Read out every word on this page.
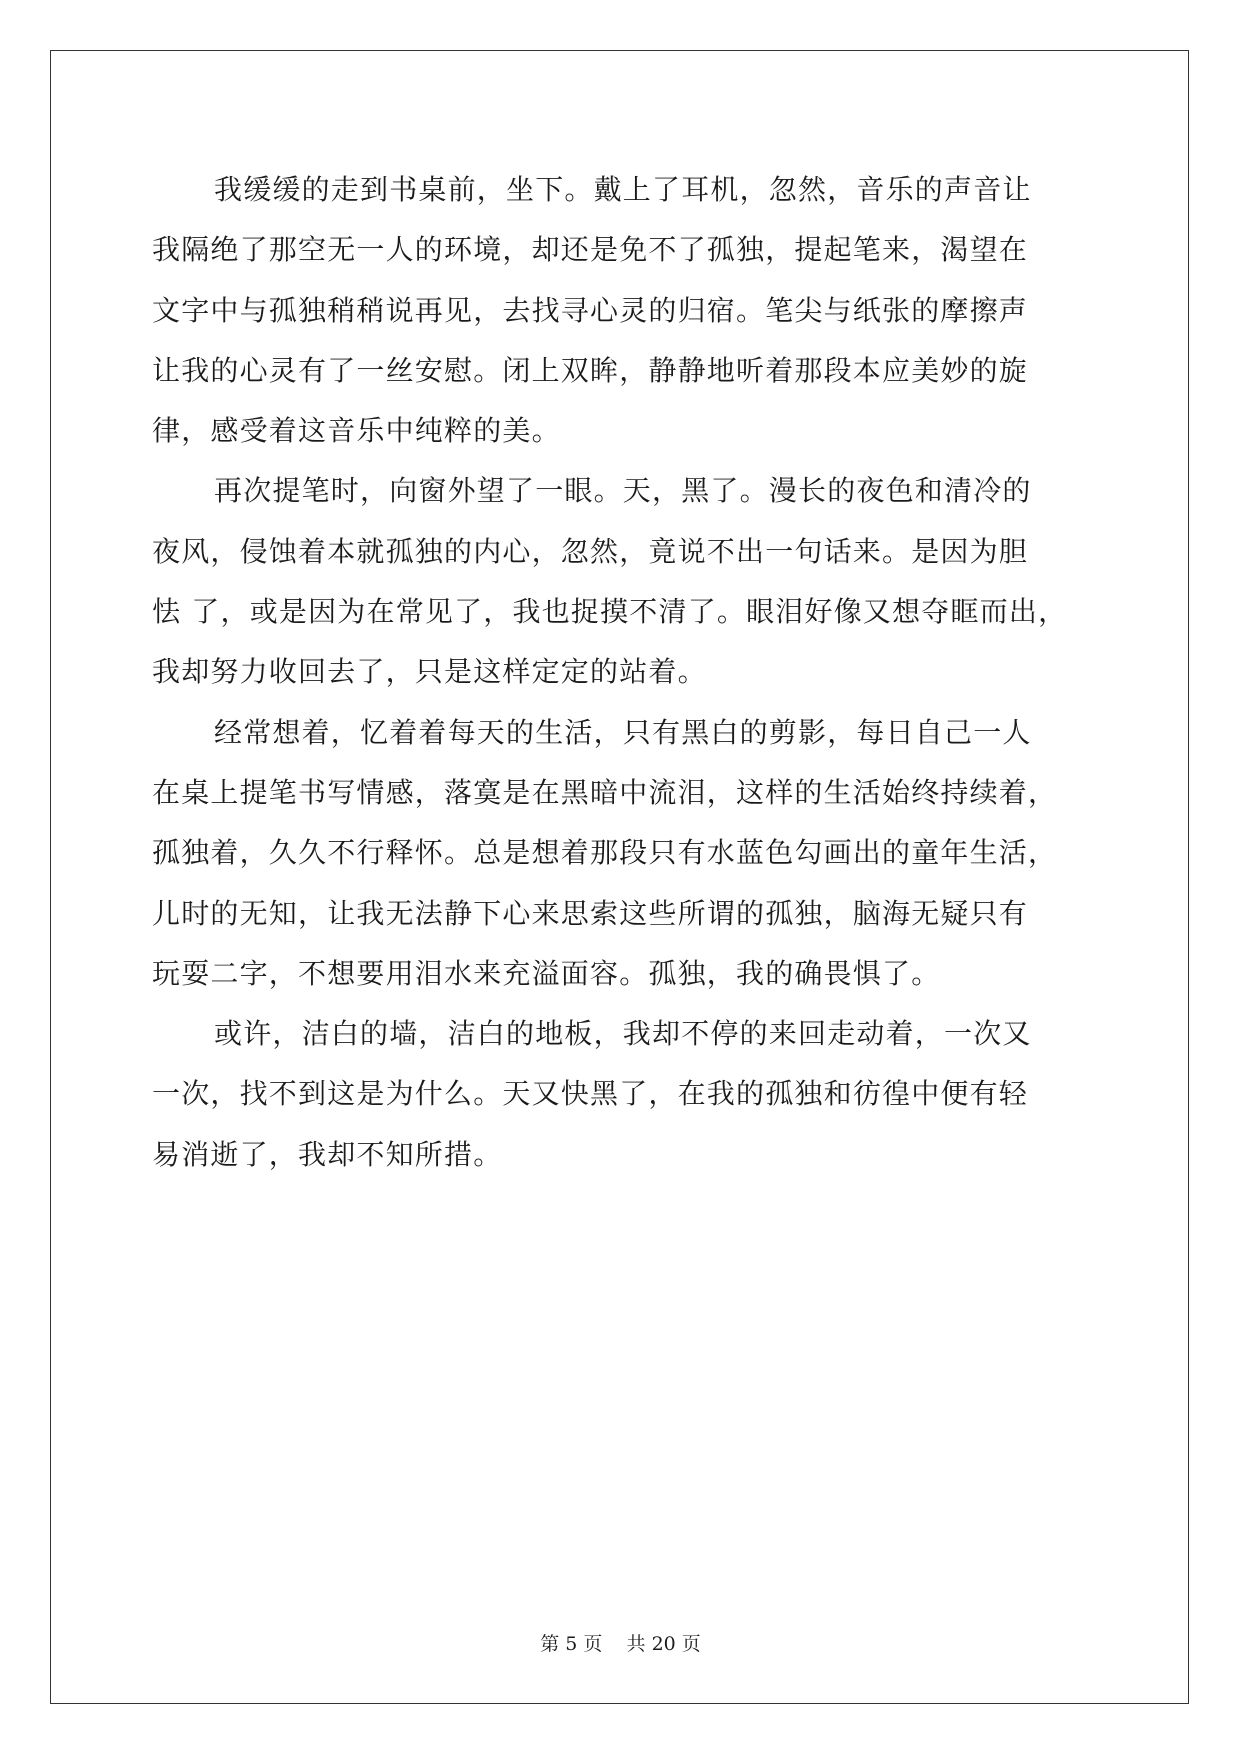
我缓缓的走到书桌前，坐下。戴上了耳机，忽然，音乐的声音让
我隔绝了那空无一人的环境，却还是免不了孤独，提起笔来，渴望在
文字中与孤独稍稍说再见，去找寻心灵的归宿。笔尖与纸张的摩擦声
让我的心灵有了一丝安慰。闭上双眸，静静地听着那段本应美妙的旋
律，感受着这音乐中纯粹的美。
再次提笔时，向窗外望了一眼。天，黑了。漫长的夜色和清冷的
夜风，侵蚀着本就孤独的内心，忽然，竟说不出一句话来。是因为胆
怯 了，或是因为在常见了，我也捉摸不清了。眼泪好像又想夺眶而出，
我却努力收回去了，只是这样定定的站着。
经常想着，忆着着每天的生活，只有黑白的剪影，每日自己一人
在桌上提笔书写情感，落寞是在黑暗中流泪，这样的生活始终持续着，
孤独着，久久不行释怀。总是想着那段只有水蓝色勾画出的童年生活，
儿时的无知，让我无法静下心来思索这些所谓的孤独，脑海无疑只有
玩耍二字，不想要用泪水来充溢面容。孤独，我的确畏惧了。
或许，洁白的墙，洁白的地板，我却不停的来回走动着，一次又
一次，找不到这是为什么。天又快黑了，在我的孤独和彷徨中便有轻
易消逝了，我却不知所措。
第 5 页    共 20 页
